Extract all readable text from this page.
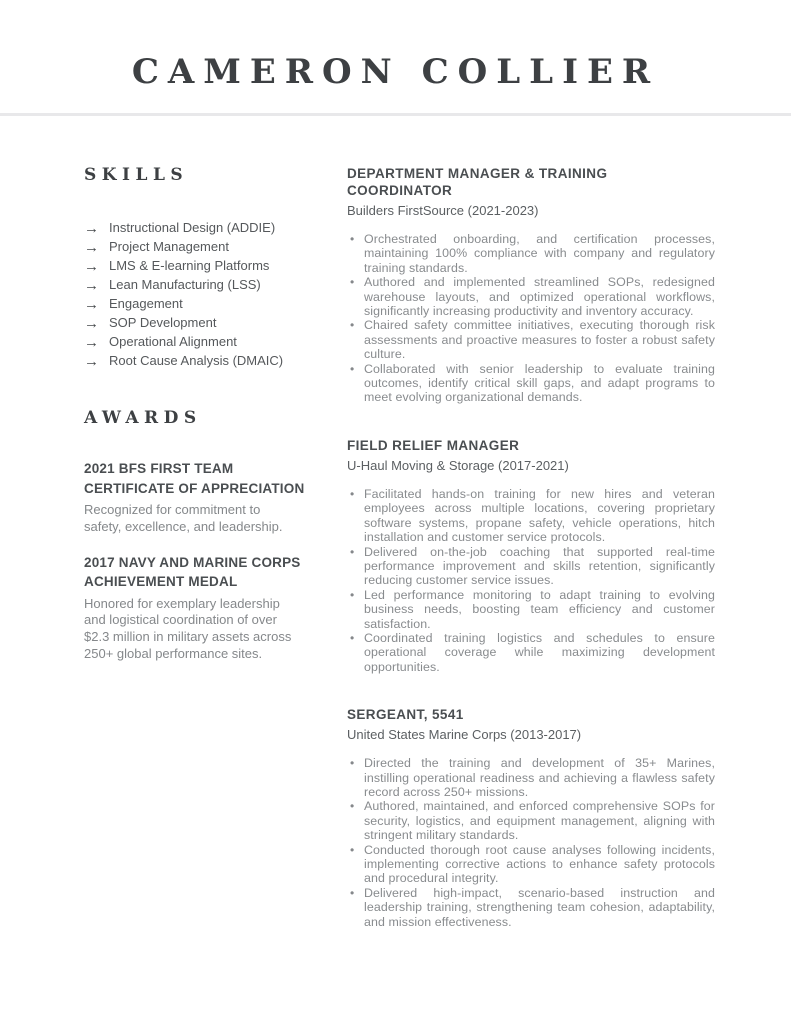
CAMERON COLLIER
SKILLS
→ Instructional Design (ADDIE)
→ Project Management
→ LMS & E-learning Platforms
→ Lean Manufacturing (LSS)
→ Engagement
→ SOP Development
→ Operational Alignment
→ Root Cause Analysis (DMAIC)
AWARDS
2021 BFS FIRST TEAM CERTIFICATE OF APPRECIATION

Recognized for commitment to safety, excellence, and leadership.

2017 NAVY AND MARINE CORPS ACHIEVEMENT MEDAL

Honored for exemplary leadership and logistical coordination of over $2.3 million in military assets across 250+ global performance sites.

DEPARTMENT MANAGER & TRAINING COORDINATOR

Builders FirstSource (2021-2023)

• Orchestrated onboarding, and certification processes, maintaining 100% compliance with company and regulatory training standards.
• Authored and implemented streamlined SOPs, redesigned warehouse layouts, and optimized operational workflows, significantly increasing productivity and inventory accuracy.
• Chaired safety committee initiatives, executing thorough risk assessments and proactive measures to foster a robust safety culture.
• Collaborated with senior leadership to evaluate training outcomes, identify critical skill gaps, and adapt programs to meet evolving organizational demands.
FIELD RELIEF MANAGER

U-Haul Moving & Storage (2017-2021)

• Facilitated hands-on training for new hires and veteran employees across multiple locations, covering proprietary software systems, propane safety, vehicle operations, hitch installation and customer service protocols.
• Delivered on-the-job coaching that supported real-time performance improvement and skills retention, significantly reducing customer service issues.
• Led performance monitoring to adapt training to evolving business needs, boosting team efficiency and customer satisfaction.
• Coordinated training logistics and schedules to ensure operational coverage while maximizing development opportunities.
SERGEANT, 5541

United States Marine Corps (2013-2017)

• Directed the training and development of 35+ Marines, instilling operational readiness and achieving a flawless safety record across 250+ missions.
• Authored, maintained, and enforced comprehensive SOPs for security, logistics, and equipment management, aligning with stringent military standards.
• Conducted thorough root cause analyses following incidents, implementing corrective actions to enhance safety protocols and procedural integrity.
• Delivered high-impact, scenario-based instruction and leadership training, strengthening team cohesion, adaptability, and mission effectiveness.
